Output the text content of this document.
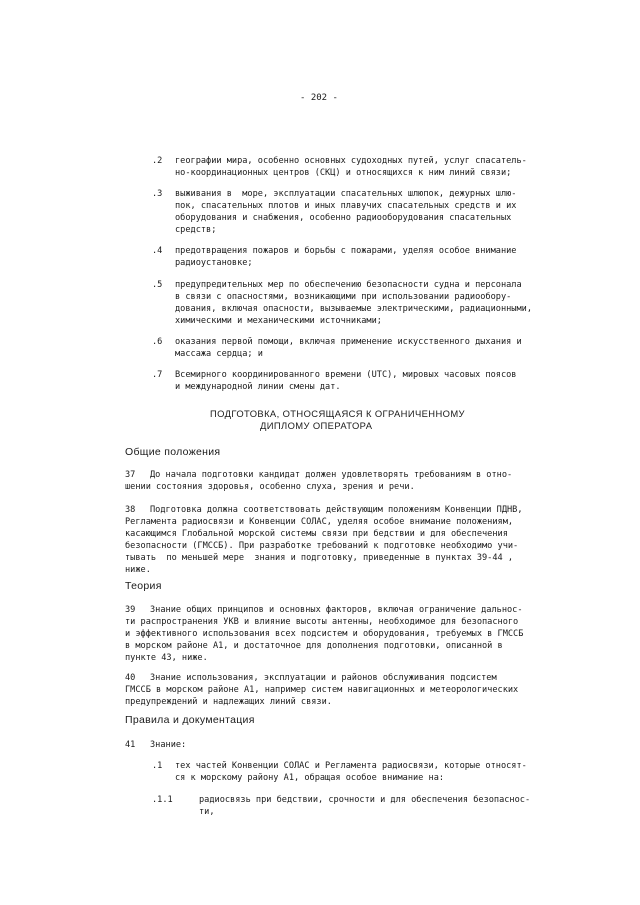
- 202 -
.2 географии мира, особенно основных судоходных путей, услуг спасатель-
но-координационных центров (СКЦ) и относящихся к ним линий связи;
.3 выживания в  море, эксплуатации спасательных шлюпок, дежурных шлю-
пок, спасательных плотов и иных плавучих спасательных средств и их
оборудования и снабжения, особенно радиооборудования спасательных
средств;
.4 предотвращения пожаров и борьбы с пожарами, уделяя особое внимание
радиоустановке;
.5 предупредительных мер по обеспечению безопасности судна и персонала
в связи с опасностями, возникающими при использовании радиообору-
дования, включая опасности, вызываемые электрическими, радиационными,
химическими и механическими источниками;
.6 оказания первой помощи, включая применение искусственного дыхания и
массажа сердца; и
.7 Всемирного координированного времени (UTC), мировых часовых поясов
и международной линии смены дат.
ПОДГОТОВКА, ОТНОСЯЩАЯСЯ К ОГРАНИЧЕННОМУ
ДИПЛОМУ ОПЕРАТОРА
Общие положения
37 До начала подготовки кандидат должен удовлетворять требованиям в отно-
шении состояния здоровья, особенно слуха, зрения и речи.
38 Подготовка должна соответствовать действующим положениям Конвенции ПДНВ,
Регламента радиосвязи и Конвенции СОЛАС, уделяя особое внимание положениям,
касающимся Глобальной морской системы связи при бедствии и для обеспечения
безопасности (ГМССБ). При разработке требований к подготовке необходимо учи-
тывать  по меньшей мере  знания и подготовку, приведенные в пунктах 39-44 ,
ниже.
Теория
39 Знание общих принципов и основных факторов, включая ограничение дальнос-
ти распространения УКВ и влияние высоты антенны, необходимое для безопасного
и эффективного использования всех подсистем и оборудования, требуемых в ГМССБ
в морском районе А1, и достаточное для дополнения подготовки, описанной в
пункте 43, ниже.
40 Знание использования, эксплуатации и районов обслуживания подсистем
ГМССБ в морском районе А1, например систем навигационных и метеорологических
предупреждений и надлежащих линий связи.
Правила и документация
41 Знание:
.1 тех частей Конвенции СОЛАС и Регламента радиосвязи, которые относят-
ся к морскому району А1, обращая особое внимание на:
.1.1	радиосвязь при бедствии, срочности и для обеспечения безопаснос-
ти,
